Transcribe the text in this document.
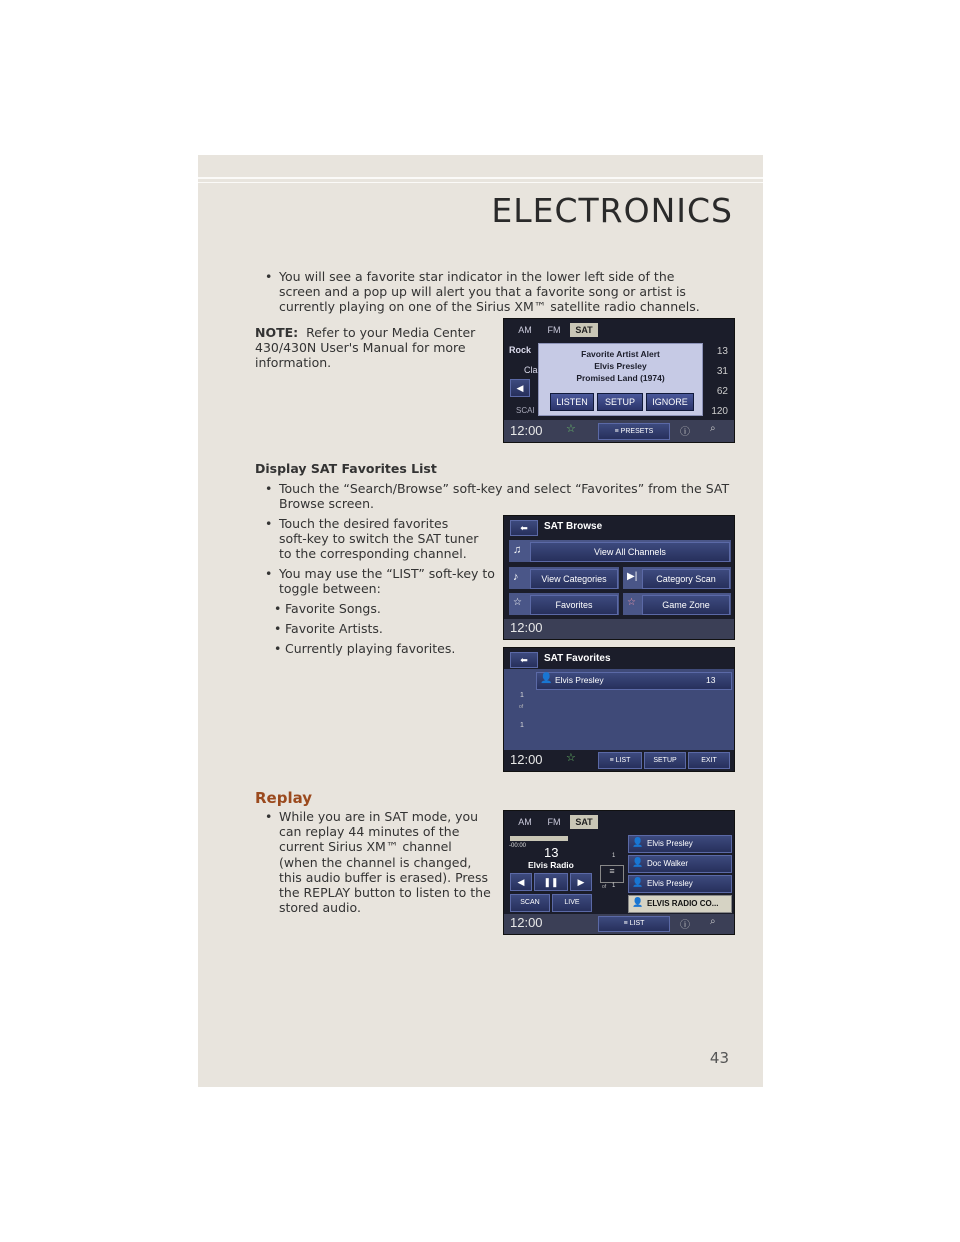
ELECTRONICS
• You will see a favorite star indicator in the lower left side of the screen and a pop up will alert you that a favorite song or artist is currently playing on one of the Sirius XM™ satellite radio channels.
NOTE: Refer to your Media Center 430/430N User's Manual for more information.
AM	FM	SAT
Rock
Cla
◀
SCAI
13
31
62
120
Favorite Artist Alert
Elvis Presley
Promised Land (1974)
LISTEN	SETUP	IGNORE
12:00 ☆	≡ PRESETS	ⓘ ⌕
Display SAT Favorites List
• Touch the “Search/Browse” soft-key and select “Favorites” from the SAT Browse screen.
• Touch the desired favorites soft-key to switch the SAT tuner to the corresponding channel.
• You may use the “LIST” soft-key to toggle between:
• Favorite Songs.
• Favorite Artists.
• Currently playing favorites.
⬅	SAT Browse
♫	View All Channels
♪	View Categories	▶|	Category Scan
☆	Favorites	☆	Game Zone
12:00
⬅	SAT Favorites
👤 Elvis Presley	13
1
of
1
12:00 ☆	≡ LIST	SETUP	EXIT
Replay
• While you are in SAT mode, you can replay 44 minutes of the current Sirius XM™ channel (when the channel is changed, this audio buffer is erased). Press the REPLAY button to listen to the stored audio.
AM	FM	SAT
-00:00 13
Elvis Radio
◀	❚❚	▶
SCAN	LIVE
1
≡
of 1
👤 Elvis Presley
👤 Doc Walker
👤 Elvis Presley
👤 ELVIS RADIO CO...
12:00	≡ LIST	ⓘ ⌕
43
